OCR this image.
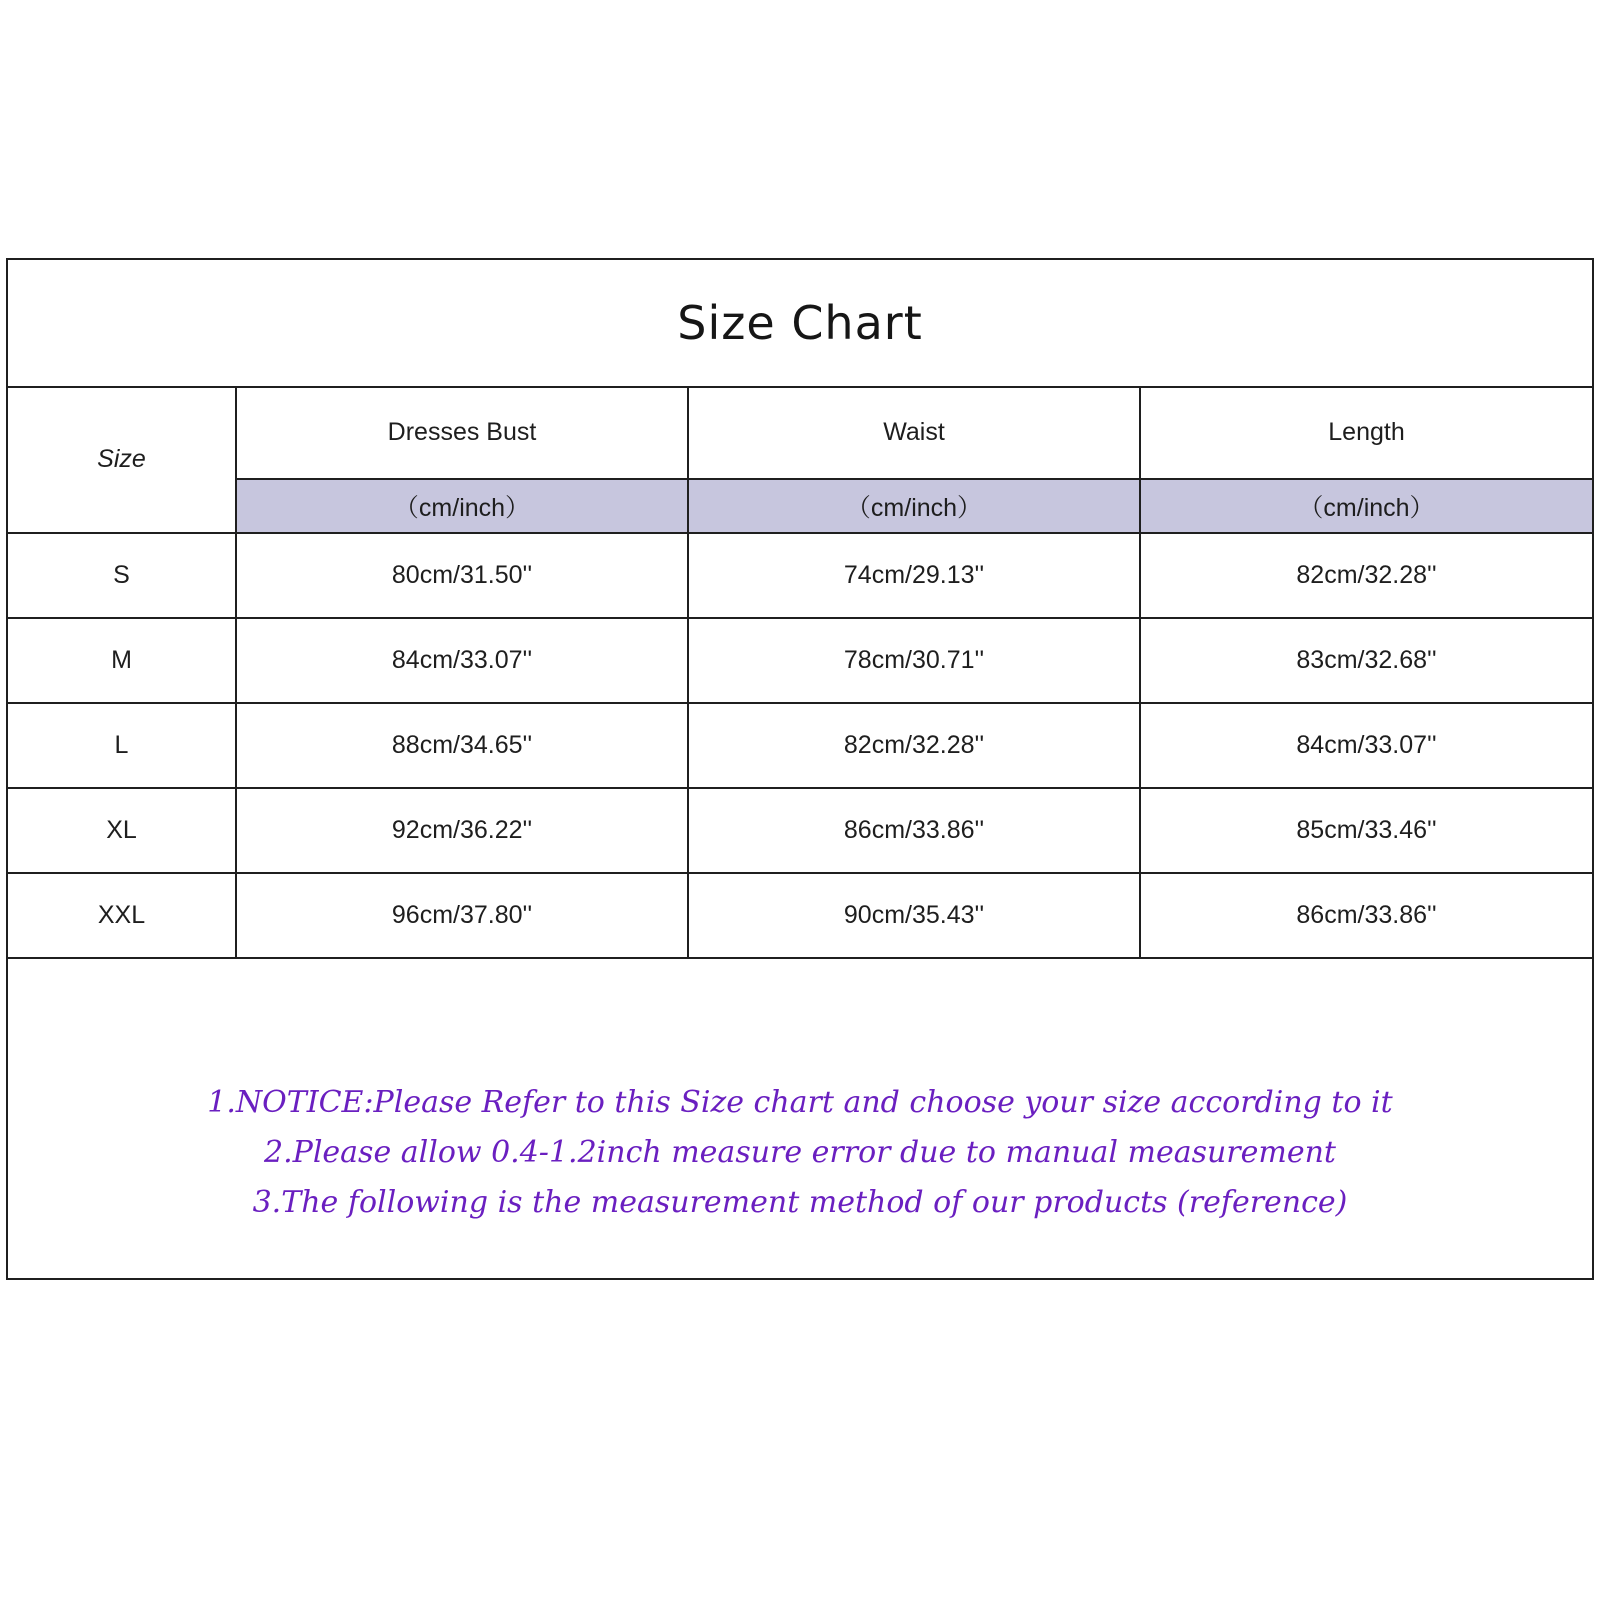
Size Chart
Size	Dresses Bust	Waist	Length
	（cm/inch）	（cm/inch）	（cm/inch）
S	80cm/31.50''	74cm/29.13''	82cm/32.28''
M	84cm/33.07''	78cm/30.71''	83cm/32.68''
L	88cm/34.65''	82cm/32.28''	84cm/33.07''
XL	92cm/36.22''	86cm/33.86''	85cm/33.46''
XXL	96cm/37.80''	90cm/35.43''	86cm/33.86''
1.NOTICE:Please Refer to this Size chart and choose your size according to it
2.Please allow 0.4-1.2inch measure error due to manual measurement
3.The following is the measurement method of our products (reference)
